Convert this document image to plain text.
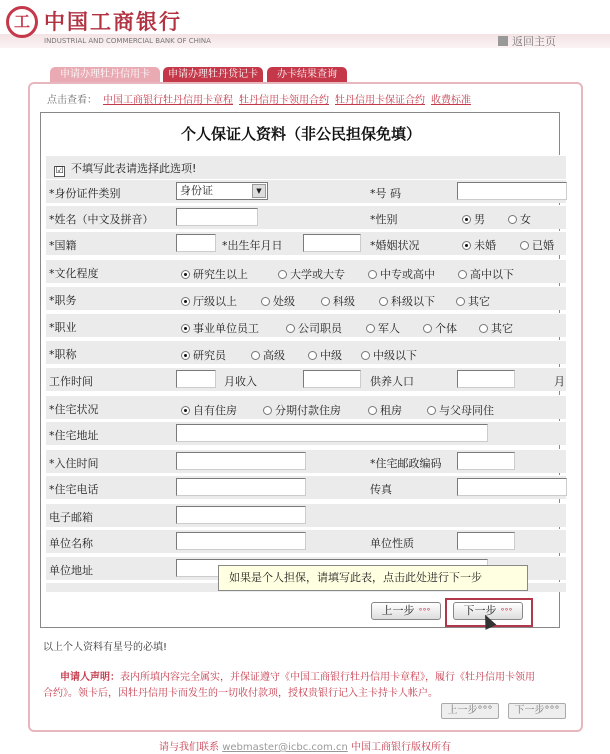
工 中国工商银行
INDUSTRIAL AND COMMERCIAL BANK OF CHINA	返回主页
申请办理牡丹信用卡	申请办理牡丹贷记卡	办卡结果查询
点击查看： 中国工商银行牡丹信用卡章程 牡丹信用卡领用合约 牡丹信用卡保证合约 收费标准
个人保证人资料（非公民担保免填）
☑ 不填写此表请选择此选项!
*身份证件类别	身份证	▼	*号 码
*姓名（中文及拼音）	*性别	男	女
*国籍	*出生年月日	*婚姻状况	未婚	已婚
*文化程度	研究生以上	大学或大专	中专或高中	高中以下
*职务	厅级以上	处级	科级	科级以下	其它
*职业	事业单位员工	公司职员	军人	个体	其它
*职称	研究员	高级	中级	中级以下
工作时间	月收入	供养人口	月
*住宅状况	自有住房	分期付款住房	租房	与父母同住
*住宅地址
*入住时间	*住宅邮政编码
*住宅电话	传真
电子邮箱
单位名称	单位性质
单位地址
如果是个人担保，请填写此表，点击此处进行下一步
上一步 °°°	下一步 °°°
以上个人资料有星号的必填!
申请人声明：表内所填内容完全属实，并保证遵守《中国工商银行牡丹信用卡章程》，履行《牡丹信用卡领用
合约》。领卡后，因牡丹信用卡而发生的一切收付款项，授权贵银行记入主卡持卡人帐户。
上一步°°°	下一步°°°
请与我们联系 webmaster@icbc.com.cn 中国工商银行版权所有
